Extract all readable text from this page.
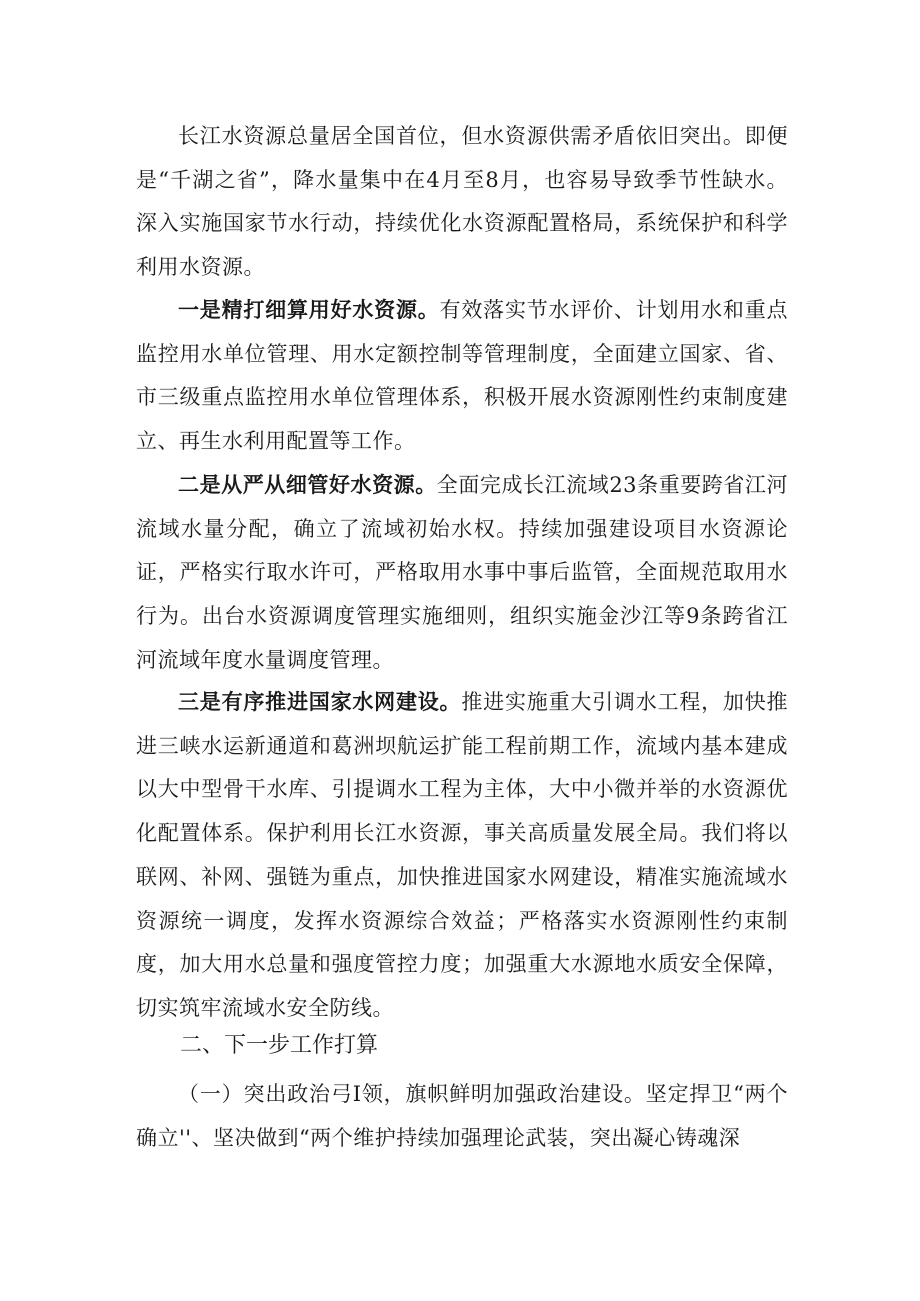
长江水资源总量居全国首位，但水资源供需矛盾依旧突出。即便是“千湖之省”，降水量集中在4月至8月，也容易导致季节性缺水。深入实施国家节水行动，持续优化水资源配置格局，系统保护和科学利用水资源。

一是精打细算用好水资源。有效落实节水评价、计划用水和重点监控用水单位管理、用水定额控制等管理制度，全面建立国家、省、市三级重点监控用水单位管理体系，积极开展水资源刚性约束制度建立、再生水利用配置等工作。

二是从严从细管好水资源。全面完成长江流域23条重要跨省江河流域水量分配，确立了流域初始水权。持续加强建设项目水资源论证，严格实行取水许可，严格取用水事中事后监管，全面规范取用水行为。出台水资源调度管理实施细则，组织实施金沙江等9条跨省江河流域年度水量调度管理。

三是有序推进国家水网建设。推进实施重大引调水工程，加快推进三峡水运新通道和葛洲坝航运扩能工程前期工作，流域内基本建成以大中型骨干水库、引提调水工程为主体，大中小微并举的水资源优化配置体系。保护利用长江水资源，事关高质量发展全局。我们将以联网、补网、强链为重点，加快推进国家水网建设，精准实施流域水资源统一调度，发挥水资源综合效益；严格落实水资源刚性约束制度，加大用水总量和强度管控力度；加强重大水源地水质安全保障，切实筑牢流域水安全防线。

二、下一步工作打算

（一）突出政治弓I领，旗帜鲜明加强政治建设。坚定捍卫“两个确立''、坚决做到“两个维护持续加强理论武装，突出凝心铸魂深
